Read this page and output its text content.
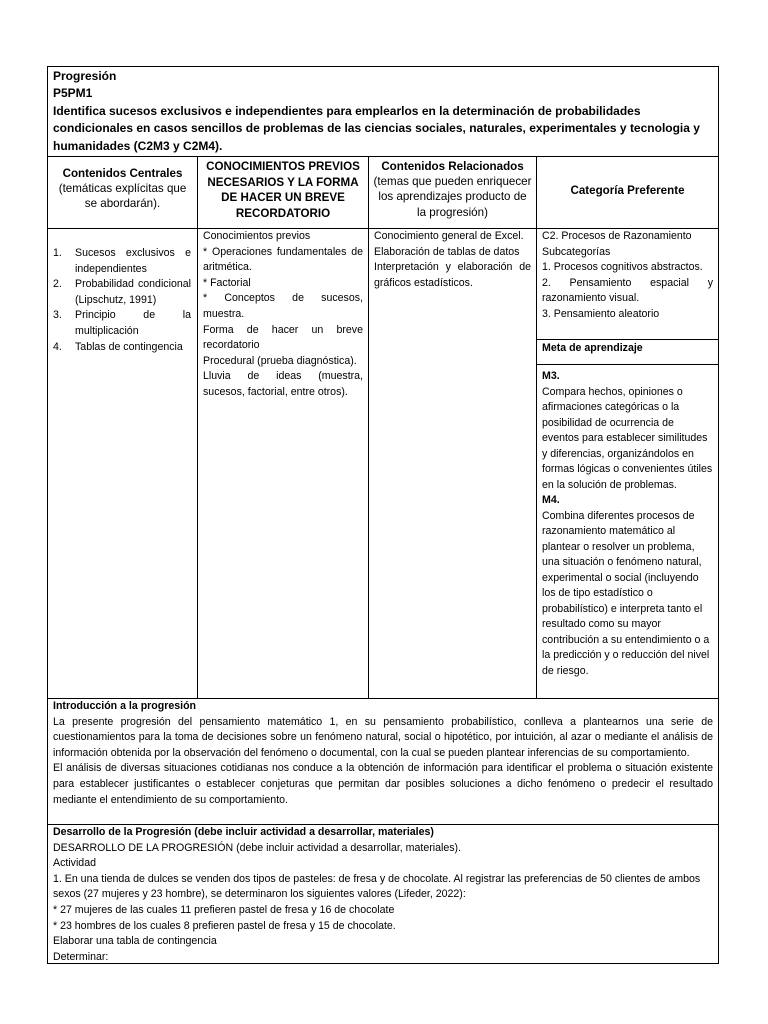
Progresión
P5PM1
Identifica sucesos exclusivos e independientes para emplearlos en la determinación de probabilidades condicionales en casos sencillos de problemas de las ciencias sociales, naturales, experimentales y tecnologia y humanidades (C2M3 y C2M4).
Contenidos Centrales
(temáticas explícitas que se abordarán).
CONOCIMIENTOS PREVIOS NECESARIOS Y LA FORMA DE HACER UN BREVE RECORDATORIO
Contenidos Relacionados
(temas que pueden enriquecer los aprendizajes producto de la progresión)
Categoría Preferente
1. Sucesos exclusivos e independientes
2. Probabilidad condicional (Lipschutz, 1991)
3. Principio de la multiplicación
4. Tablas de contingencia
Conocimientos previos
* Operaciones fundamentales de aritmética.
* Factorial
* Conceptos de sucesos, muestra.
Forma de hacer un breve recordatorio
Procedural (prueba diagnóstica).
Lluvia de ideas (muestra, sucesos, factorial, entre otros).
Conocimiento general de Excel.
Elaboración de tablas de datos
Interpretación y elaboración de gráficos estadísticos.
C2. Procesos de Razonamiento
Subcategorías
1. Procesos cognitivos abstractos.
2. Pensamiento espacial y razonamiento visual.
3. Pensamiento aleatorio
Meta de aprendizaje
M3.
Compara hechos, opiniones o afirmaciones categóricas o la posibilidad de ocurrencia de eventos para establecer similitudes y diferencias, organizándolos en formas lógicas o convenientes útiles en la solución de problemas.
M4.
Combina diferentes procesos de razonamiento matemático al plantear o resolver un problema, una situación o fenómeno natural, experimental o social (incluyendo los de tipo estadístico o probabilístico) e interpreta tanto el resultado como su mayor contribución a su entendimiento o a la predicción y o reducción del nivel de riesgo.
Introducción a la progresión

La presente progresión del pensamiento matemático 1, en su pensamiento probabilístico, conlleva a plantearnos una serie de cuestionamientos para la toma de decisiones sobre un fenómeno natural, social o hipotético, por intuición, al azar o mediante el análisis de información obtenida por la observación del fenómeno o documental, con la cual se pueden plantear inferencias de su comportamiento.

El análisis de diversas situaciones cotidianas nos conduce a la obtención de información para identificar el problema o situación existente para establecer justificantes o establecer conjeturas que permitan dar posibles soluciones a dicho fenómeno o predecir el resultado mediante el entendimiento de su comportamiento.

Desarrollo de la Progresión (debe incluir actividad a desarrollar, materiales)
DESARROLLO DE LA PROGRESIÓN (debe incluir actividad a desarrollar, materiales).
Actividad
1. En una tienda de dulces se venden dos tipos de pasteles: de fresa y de chocolate. Al registrar las preferencias de 50 clientes de ambos sexos (27 mujeres y 23 hombre), se determinaron los siguientes valores (Lifeder, 2022):
* 27 mujeres de las cuales 11 prefieren pastel de fresa y 16 de chocolate
* 23 hombres de los cuales 8 prefieren pastel de fresa y 15 de chocolate.
Elaborar una tabla de contingencia
Determinar:
